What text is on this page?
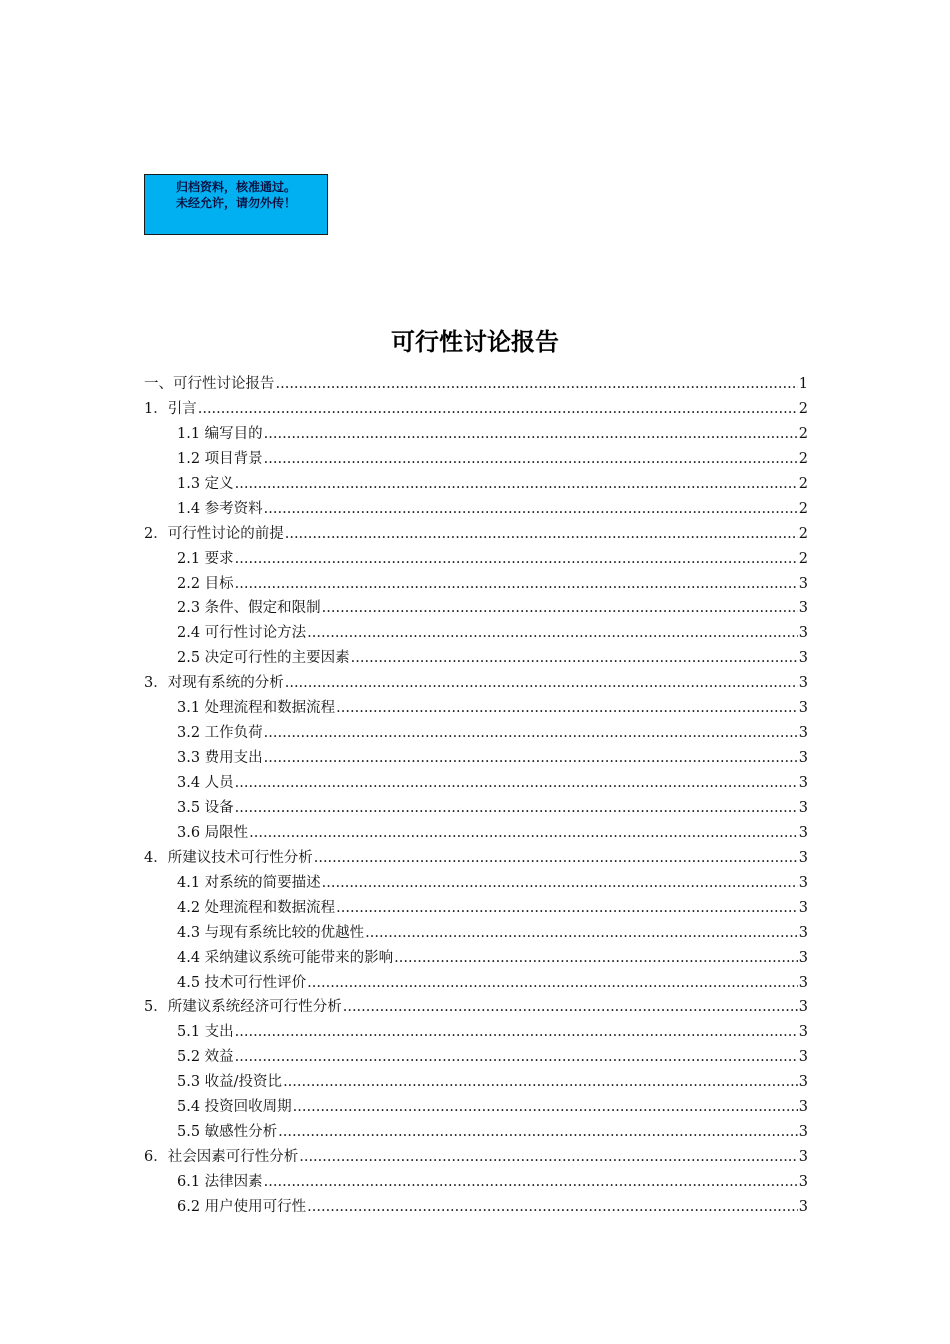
归档资料，核准通过。
未经允许，请勿外传！
可行性讨论报告
一、可行性讨论报告 .....	1
1．引言 .....	2
1.1 编写目的 .....	2
1.2 项目背景 .....	2
1.3 定义 .....	2
1.4 参考资料 .....	2
2．可行性讨论的前提 .....	2
2.1 要求 .....	2
2.2 目标 .....	3
2.3 条件、假定和限制 .....	3
2.4 可行性讨论方法 .....	3
2.5 决定可行性的主要因素 .....	3
3．对现有系统的分析 .....	3
3.1 处理流程和数据流程 .....	3
3.2 工作负荷 .....	3
3.3 费用支出 .....	3
3.4 人员 .....	3
3.5 设备 .....	3
3.6 局限性 .....	3
4．所建议技术可行性分析 .....	3
4.1 对系统的简要描述 .....	3
4.2 处理流程和数据流程 .....	3
4.3 与现有系统比较的优越性 .....	3
4.4 采纳建议系统可能带来的影响 .....	3
4.5 技术可行性评价 .....	3
5．所建议系统经济可行性分析 .....	3
5.1 支出 .....	3
5.2 效益 .....	3
5.3 收益/投资比 .....	3
5.4 投资回收周期 .....	3
5.5 敏感性分析 .....	3
6．社会因素可行性分析 .....	3
6.1 法律因素 .....	3
6.2 用户使用可行性 .....	3
